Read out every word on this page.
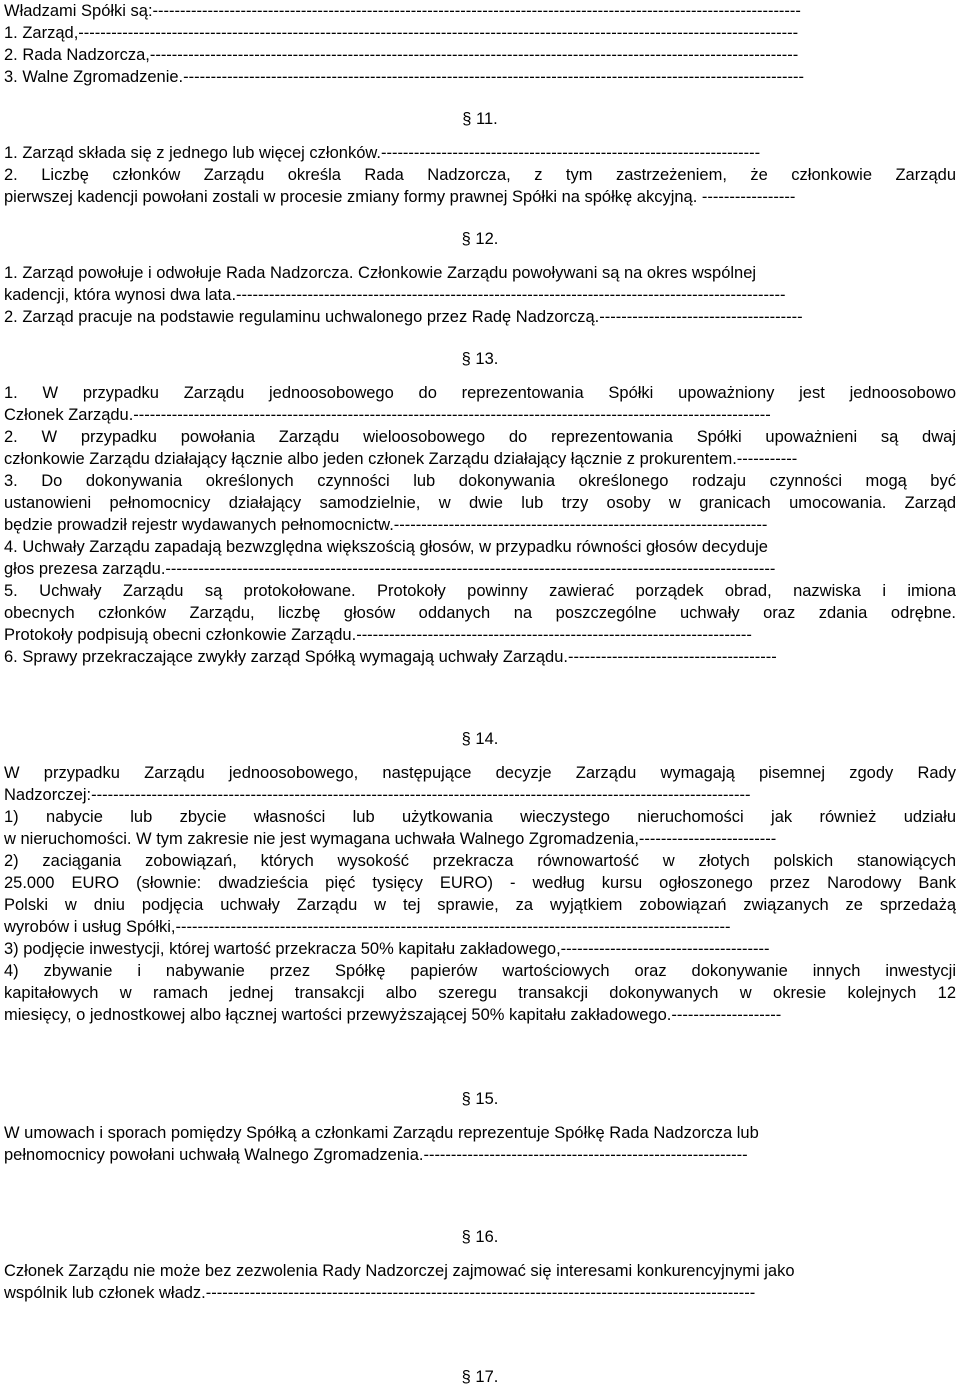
Władzami Spółki są:----------------------------------------------------------------------------------------------------------------------
1. Zarząd,-----------------------------------------------------------------------------------------------------------------------------------
2. Rada Nadzorcza,----------------------------------------------------------------------------------------------------------------------
3. Walne Zgromadzenie.-----------------------------------------------------------------------------------------------------------------
§ 11.
1. Zarząd składa się z jednego lub więcej członków.---------------------------------------------------------------------
2. Liczbę członków Zarządu określa Rada Nadzorcza, z tym zastrzeżeniem, że członkowie Zarządu
pierwszej kadencji powołani zostali w procesie zmiany formy prawnej Spółki na spółkę akcyjną. -----------------
§ 12.
1. Zarząd powołuje i odwołuje Rada Nadzorcza. Członkowie Zarządu powoływani są na okres wspólnej
kadencji, która wynosi dwa lata.----------------------------------------------------------------------------------------------------
2. Zarząd pracuje na podstawie regulaminu uchwalonego przez Radę Nadzorczą.-------------------------------------
§ 13.
1. W przypadku Zarządu jednoosobowego do reprezentowania Spółki upoważniony jest jednoosobowo
Członek Zarządu.--------------------------------------------------------------------------------------------------------------------
2. W przypadku powołania Zarządu wieloosobowego do reprezentowania Spółki upoważnieni są dwaj
członkowie Zarządu działający łącznie albo jeden członek Zarządu działający łącznie z prokurentem.-----------
3. Do dokonywania określonych czynności lub dokonywania określonego rodzaju czynności mogą być
ustanowieni pełnomocnicy działający samodzielnie, w dwie lub trzy osoby w granicach umocowania. Zarząd
będzie prowadził rejestr wydawanych pełnomocnictw.--------------------------------------------------------------------
4. Uchwały Zarządu zapadają bezwzględna większością głosów, w przypadku równości głosów decyduje
głos prezesa zarządu.---------------------------------------------------------------------------------------------------------------
5. Uchwały Zarządu są protokołowane. Protokoły powinny zawierać porządek obrad, nazwiska i imiona
obecnych członków Zarządu, liczbę głosów oddanych na poszczególne uchwały oraz zdania odrębne.
Protokoły podpisują obecni członkowie Zarządu.------------------------------------------------------------------------
6. Sprawy przekraczające zwykły zarząd Spółką wymagają uchwały Zarządu.--------------------------------------
§ 14.
W przypadku Zarządu jednoosobowego, następujące decyzje Zarządu wymagają pisemnej zgody Rady
Nadzorczej:------------------------------------------------------------------------------------------------------------------------
1) nabycie lub zbycie własności lub użytkowania wieczystego nieruchomości jak również udziału
w nieruchomości. W tym zakresie nie jest wymagana uchwała Walnego Zgromadzenia,-------------------------
2) zaciągania zobowiązań, których wysokość przekracza równowartość w złotych polskich stanowiących
25.000 EURO (słownie: dwadzieścia pięć tysięcy EURO) - według kursu ogłoszonego przez Narodowy Bank
Polski w dniu podjęcia uchwały Zarządu w tej sprawie, za wyjątkiem zobowiązań związanych ze sprzedażą
wyrobów i usług Spółki,-----------------------------------------------------------------------------------------------------
3) podjęcie inwestycji, której wartość przekracza 50% kapitału zakładowego,--------------------------------------
4) zbywanie i nabywanie przez Spółkę papierów wartościowych oraz dokonywanie innych inwestycji
kapitałowych w ramach jednej transakcji albo szeregu transakcji dokonywanych w okresie kolejnych 12
miesięcy, o jednostkowej albo łącznej wartości przewyższającej 50% kapitału zakładowego.--------------------
§ 15.
W umowach i sporach pomiędzy Spółką a członkami Zarządu reprezentuje Spółkę Rada Nadzorcza lub
pełnomocnicy powołani uchwałą Walnego Zgromadzenia.-----------------------------------------------------------
§ 16.
Członek Zarządu nie może bez zezwolenia Rady Nadzorczej zajmować się interesami konkurencyjnymi jako
wspólnik lub członek władz.----------------------------------------------------------------------------------------------------
§ 17.
